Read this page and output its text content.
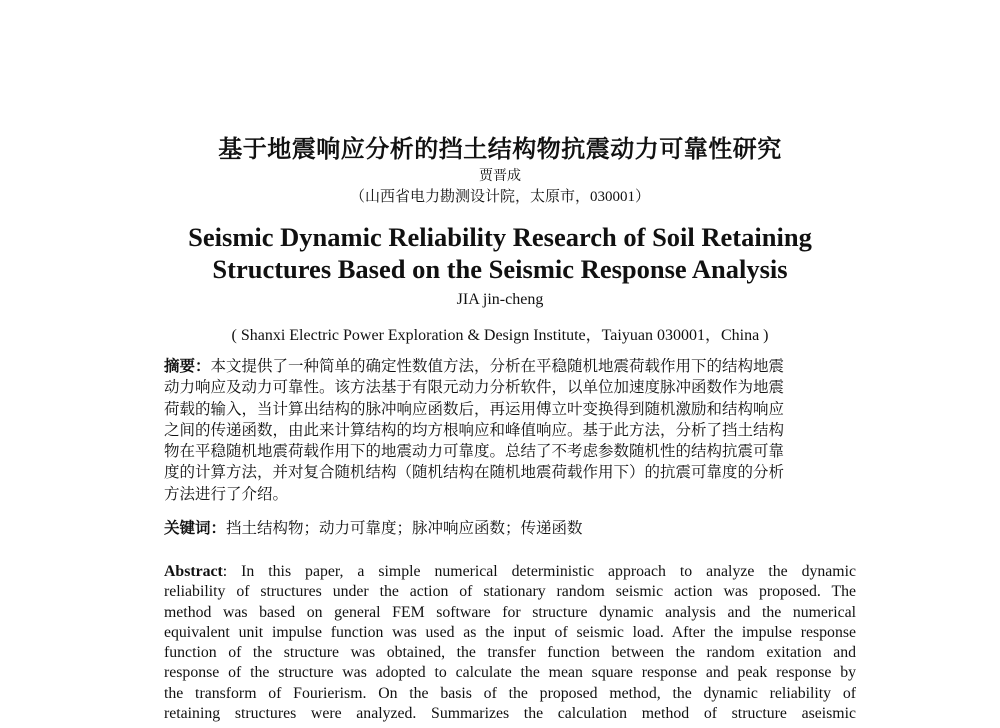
基于地震响应分析的挡土结构物抗震动力可靠性研究
贾晋成
（山西省电力勘测设计院，太原市，030001）
Seismic Dynamic Reliability Research of Soil Retaining
Structures Based on the Seismic Response Analysis
JIA jin-cheng
( Shanxi Electric Power Exploration & Design Institute，Taiyuan 030001，China )
摘要：本文提供了一种简单的确定性数值方法，分析在平稳随机地震荷载作用下的结构地震
动力响应及动力可靠性。该方法基于有限元动力分析软件，以单位加速度脉冲函数作为地震
荷载的输入，当计算出结构的脉冲响应函数后，再运用傅立叶变换得到随机激励和结构响应
之间的传递函数，由此来计算结构的均方根响应和峰值响应。基于此方法，分析了挡土结构
物在平稳随机地震荷载作用下的地震动力可靠度。总结了不考虑参数随机性的结构抗震可靠
度的计算方法，并对复合随机结构（随机结构在随机地震荷载作用下）的抗震可靠度的分析
方法进行了介绍。
关键词：挡土结构物；动力可靠度；脉冲响应函数；传递函数
Abstract: In this paper, a simple numerical deterministic approach to analyze the dynamic
reliability of structures under the action of stationary random seismic action was proposed. The
method was based on general FEM software for structure dynamic analysis and the numerical
equivalent unit impulse function was used as the input of seismic load. After the impulse response
function of the structure was obtained, the transfer function between the random exitation and
response of the structure was adopted to calculate the mean square response and peak response by
the transform of Fourierism. On the basis of the proposed method, the dynamic reliability of
retaining structures were analyzed. Summarizes the calculation method of structure aseismic
